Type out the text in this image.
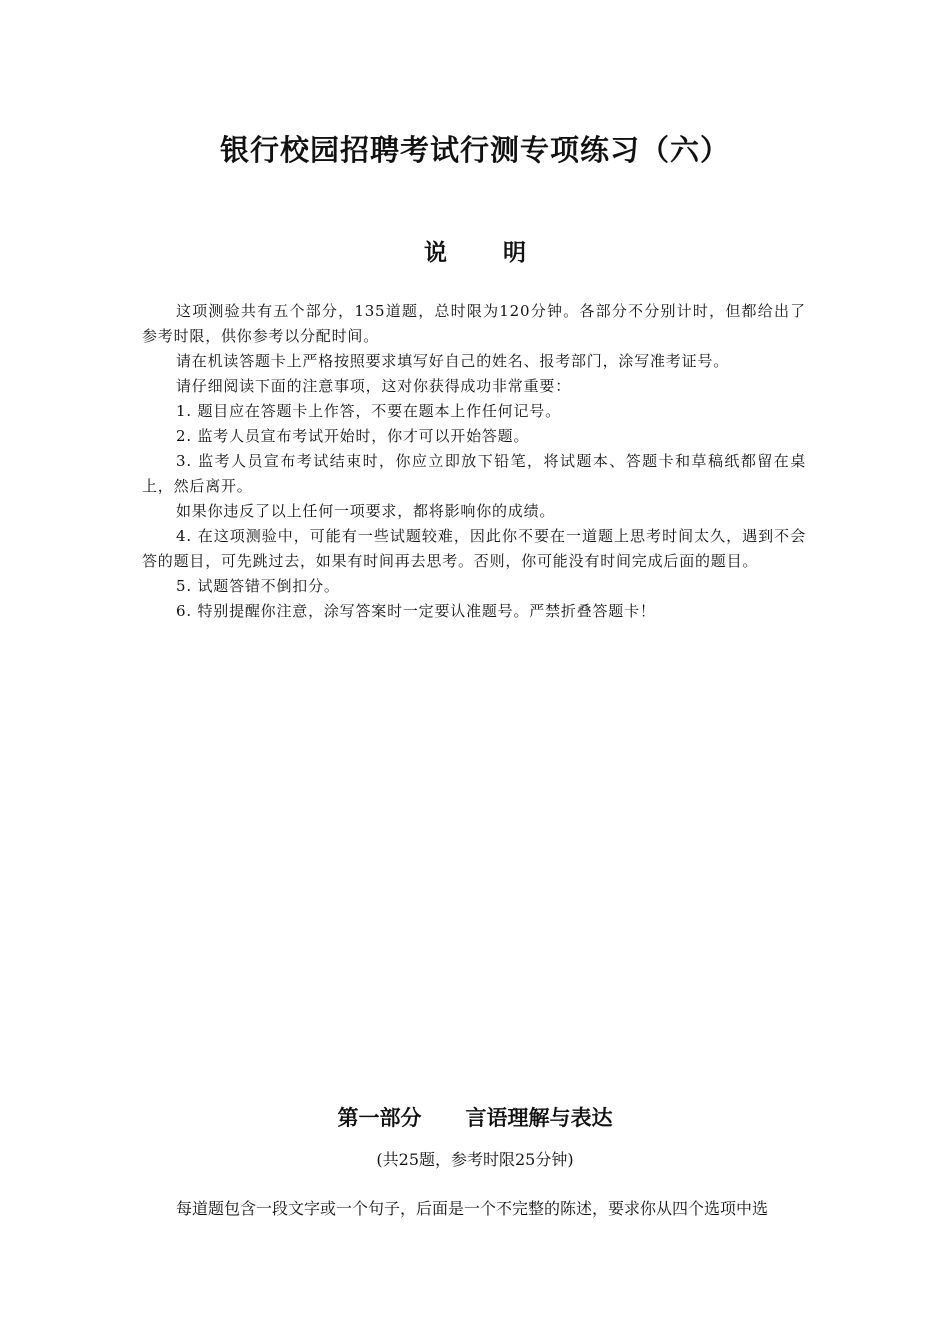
银行校园招聘考试行测专项练习（六）
说 明

这项测验共有五个部分，135道题，总时限为120分钟。各部分不分别计时，但都给出了参考时限，供你参考以分配时间。

请在机读答题卡上严格按照要求填写好自己的姓名、报考部门，涂写准考证号。

请仔细阅读下面的注意事项，这对你获得成功非常重要：

1. 题目应在答题卡上作答，不要在题本上作任何记号。

2. 监考人员宣布考试开始时，你才可以开始答题。

3. 监考人员宣布考试结束时，你应立即放下铅笔，将试题本、答题卡和草稿纸都留在桌上，然后离开。

如果你违反了以上任何一项要求，都将影响你的成绩。

4. 在这项测验中，可能有一些试题较难，因此你不要在一道题上思考时间太久，遇到不会答的题目，可先跳过去，如果有时间再去思考。否则，你可能没有时间完成后面的题目。

5. 试题答错不倒扣分。

6. 特别提醒你注意，涂写答案时一定要认准题号。严禁折叠答题卡！

第一部分 言语理解与表达

(共25题，参考时限25分钟)

每道题包含一段文字或一个句子，后面是一个不完整的陈述，要求你从四个选项中选
